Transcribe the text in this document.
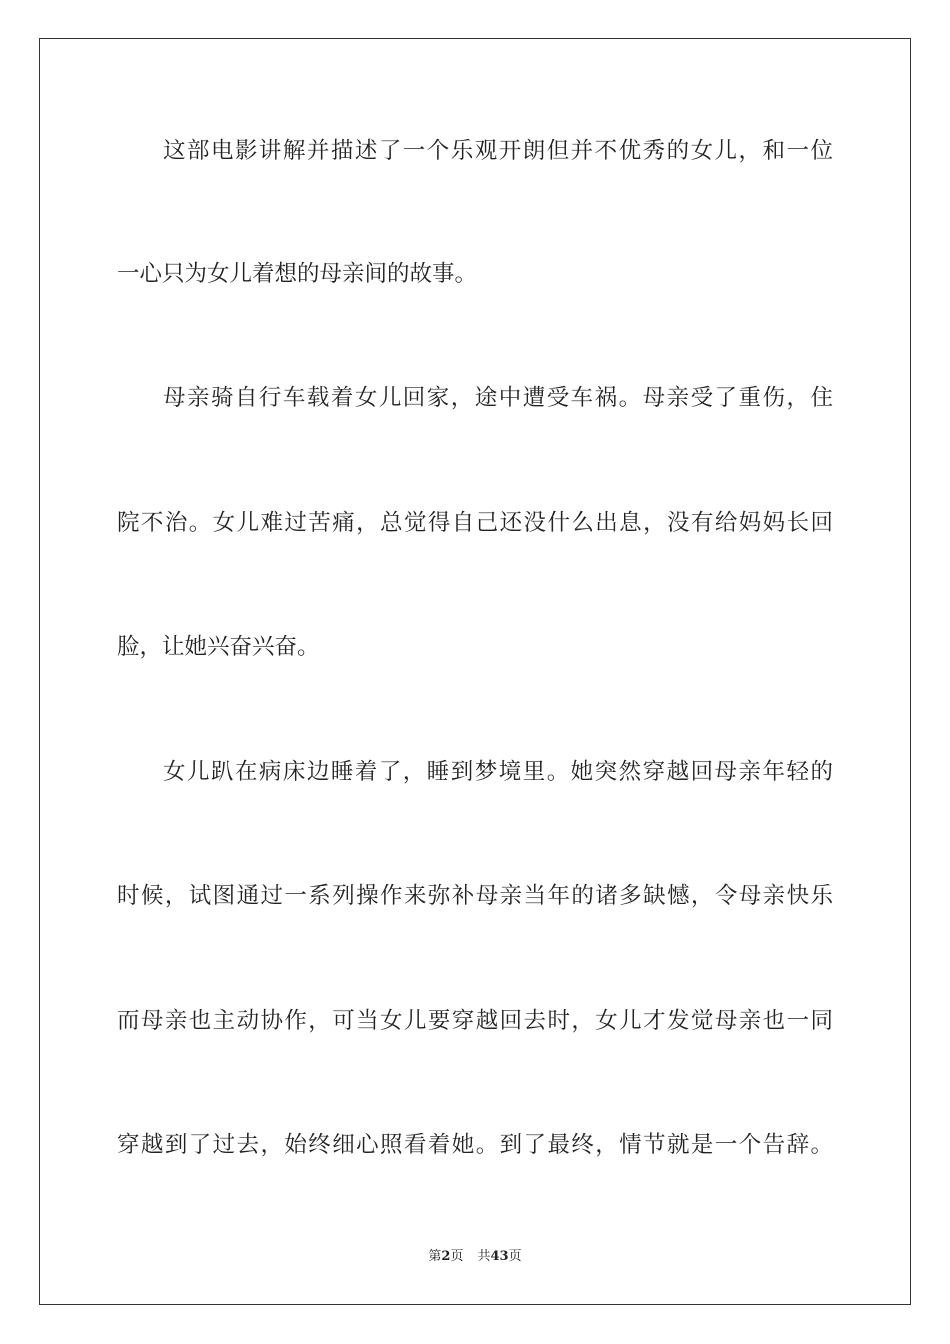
这部电影讲解并描述了一个乐观开朗但并不优秀的女儿，和一位
一心只为女儿着想的母亲间的故事。
母亲骑自行车载着女儿回家，途中遭受车祸。母亲受了重伤，住
院不治。女儿难过苦痛，总觉得自己还没什么出息，没有给妈妈长回
脸，让她兴奋兴奋。
女儿趴在病床边睡着了，睡到梦境里。她突然穿越回母亲年轻的
时候，试图通过一系列操作来弥补母亲当年的诸多缺憾，令母亲快乐
而母亲也主动协作，可当女儿要穿越回去时，女儿才发觉母亲也一同
穿越到了过去，始终细心照看着她。到了最终，情节就是一个告辞。
第2页 共43页
